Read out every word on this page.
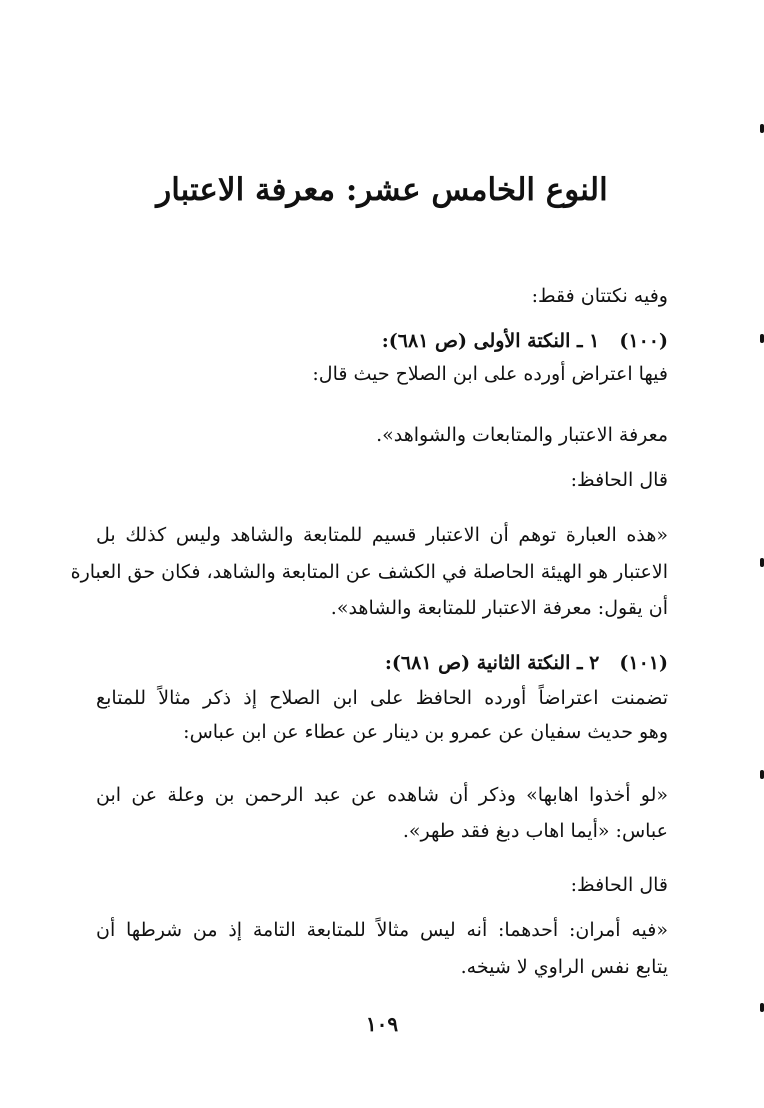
النوع الخامس عشر: معرفة الاعتبار

وفيه نكتتان فقط:

(١٠٠)١ ـ النكتة الأولى (ص ٦٨١):

فيها اعتراض أورده على ابن الصلاح حيث قال:

معرفة الاعتبار والمتابعات والشواهد».

قال الحافظ:

«هذه العبارة توهم أن الاعتبار قسيم للمتابعة والشاهد وليس كذلك بل

الاعتبار هو الهيئة الحاصلة في الكشف عن المتابعة والشاهد، فكان حق العبارة

أن يقول: معرفة الاعتبار للمتابعة والشاهد».

(١٠١)٢ ـ النكتة الثانية (ص ٦٨١):

تضمنت اعتراضاً أورده الحافظ على ابن الصلاح إذ ذكر مثالاً للمتابع

وهو حديث سفيان عن عمرو بن دينار عن عطاء عن ابن عباس:

«لو أخذوا اهابها» وذكر أن شاهده عن عبد الرحمن بن وعلة عن ابن

عباس: «أيما اهاب دبغ فقد طهر».

قال الحافظ:

«فيه أمران: أحدهما: أنه ليس مثالاً للمتابعة التامة إذ من شرطها أن

يتابع نفس الراوي لا شيخه.

١٠٩
